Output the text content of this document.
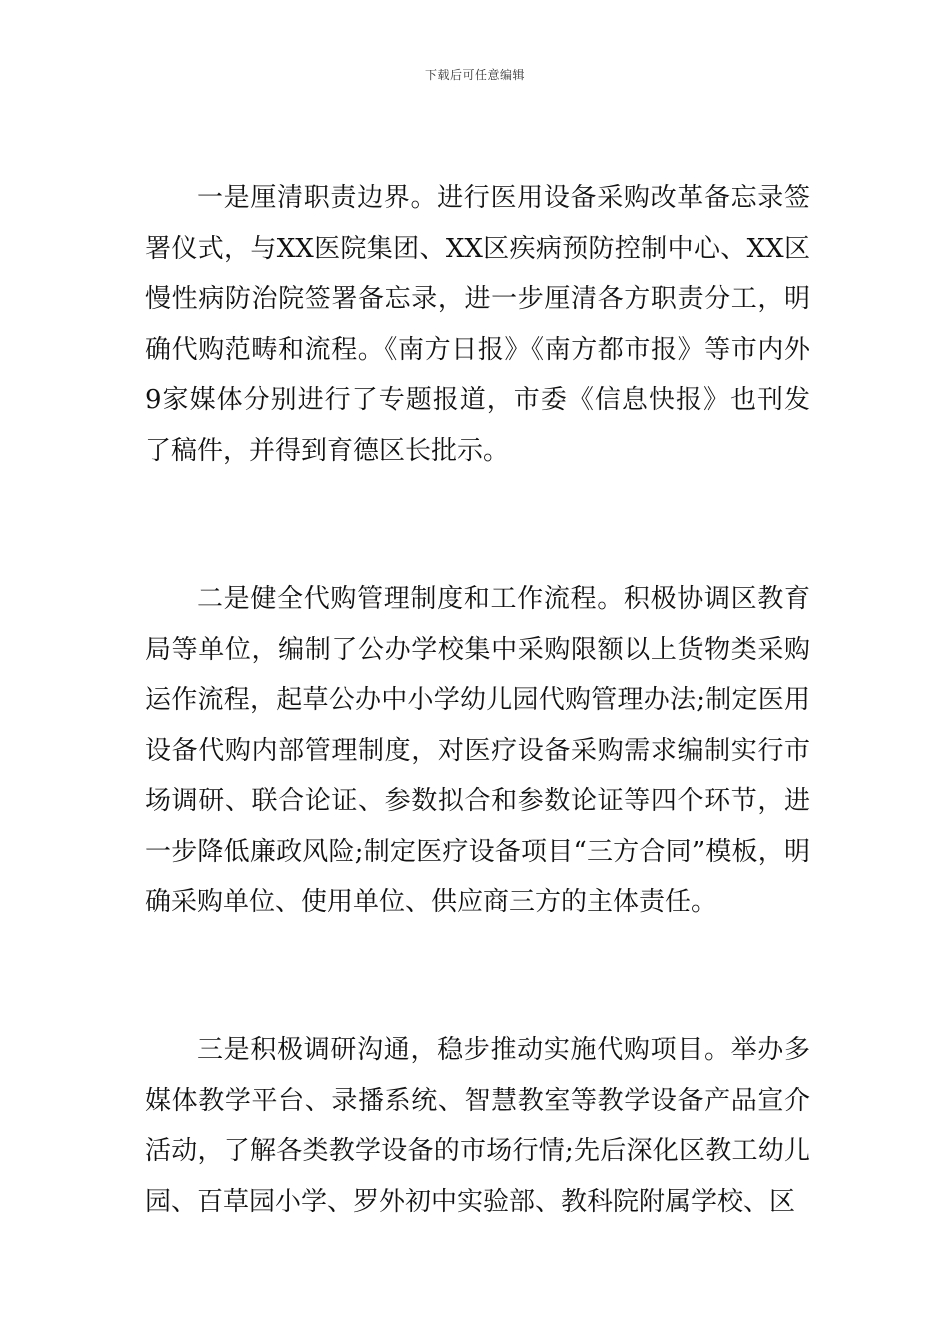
下载后可任意编辑

一是厘清职责边界。进行医用设备采购改革备忘录签署仪式，与XX医院集团、XX区疾病预防控制中心、XX区慢性病防治院签署备忘录，进一步厘清各方职责分工，明确代购范畴和流程。《南方日报》《南方都市报》等市内外9家媒体分别进行了专题报道，市委《信息快报》也刊发了稿件，并得到育德区长批示。

二是健全代购管理制度和工作流程。积极协调区教育局等单位，编制了公办学校集中采购限额以上货物类采购运作流程，起草公办中小学幼儿园代购管理办法;制定医用设备代购内部管理制度，对医疗设备采购需求编制实行市场调研、联合论证、参数拟合和参数论证等四个环节，进一步降低廉政风险;制定医疗设备项目“三方合同”模板，明确采购单位、使用单位、供应商三方的主体责任。

三是积极调研沟通，稳步推动实施代购项目。举办多媒体教学平台、录播系统、智慧教室等教学设备产品宣介活动，了解各类教学设备的市场行情;先后深化区教工幼儿园、百草园小学、罗外初中实验部、教科院附属学校、区
